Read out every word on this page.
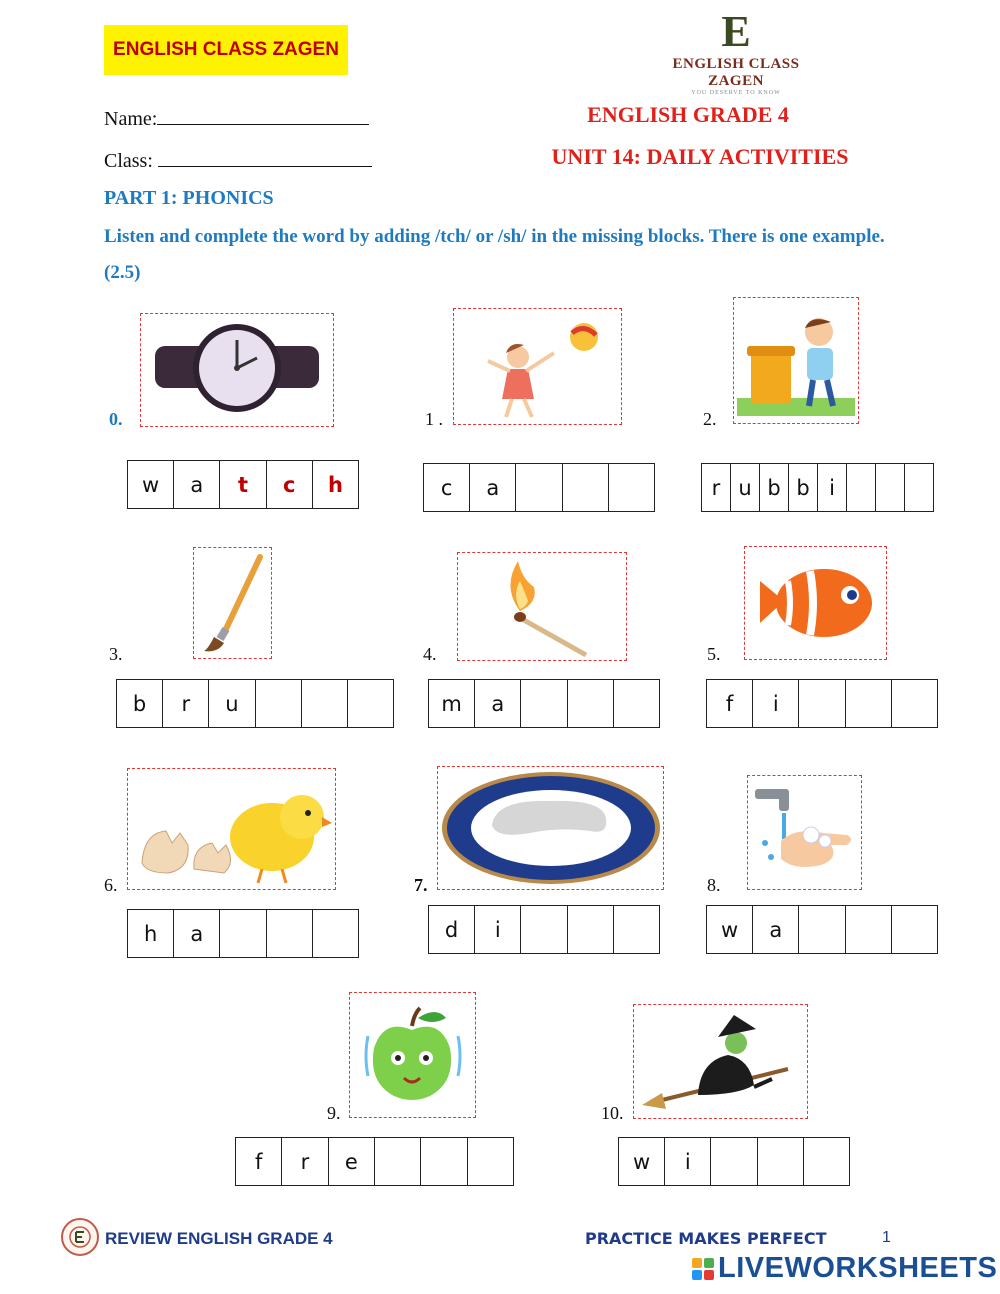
ENGLISH CLASS ZAGEN	E
ENGLISH CLASS ZAGEN
YOU DESERVE TO KNOW
Name:
Class:
ENGLISH GRADE 4
UNIT 14: DAILY ACTIVITIES
PART 1: PHONICS
Listen and complete the word by adding /tch/ or /sh/ in the missing blocks. There is one example. (2.5)
0.
w	a	t	c	h
1 .
c	a
2.
r u b b i
3.
b	r	u
4.
m	a
5.
f	i
6.
h	a
7.
d	i
8.
w	a
9.
f	r	e
10.
w	i
REVIEW ENGLISH GRADE 4	PRACTICE MAKES PERFECT	1
LIVEWORKSHEETS
